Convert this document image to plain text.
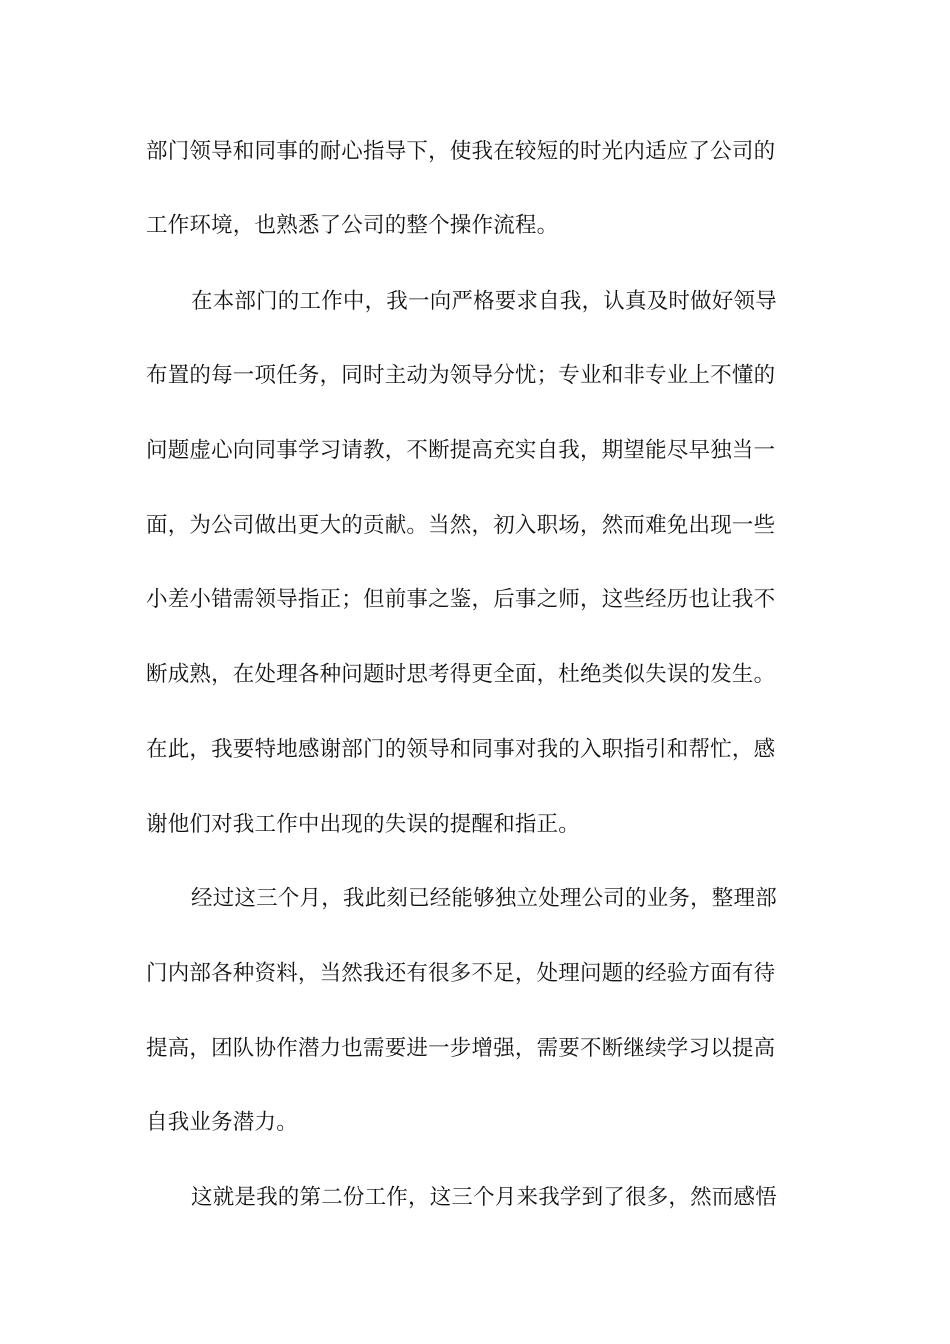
部门领导和同事的耐心指导下，使我在较短的时光内适应了公司的
工作环境，也熟悉了公司的整个操作流程。
在本部门的工作中，我一向严格要求自我，认真及时做好领导
布置的每一项任务，同时主动为领导分忧；专业和非专业上不懂的
问题虚心向同事学习请教，不断提高充实自我，期望能尽早独当一
面，为公司做出更大的贡献。当然，初入职场，然而难免出现一些
小差小错需领导指正；但前事之鉴，后事之师，这些经历也让我不
断成熟，在处理各种问题时思考得更全面，杜绝类似失误的发生。
在此，我要特地感谢部门的领导和同事对我的入职指引和帮忙，感
谢他们对我工作中出现的失误的提醒和指正。
经过这三个月，我此刻已经能够独立处理公司的业务，整理部
门内部各种资料，当然我还有很多不足，处理问题的经验方面有待
提高，团队协作潜力也需要进一步增强，需要不断继续学习以提高
自我业务潜力。
这就是我的第二份工作，这三个月来我学到了很多，然而感悟
